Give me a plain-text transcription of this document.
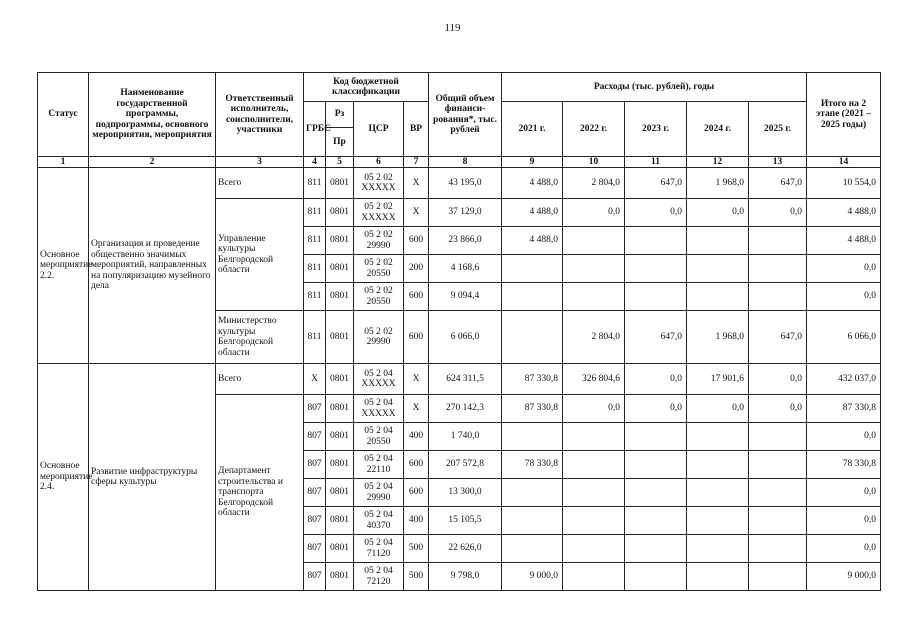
119
Статус	Наименование государственной программы, подпрограммы, основного мероприятия, мероприятия	Ответственный исполнитель, соисполнители, участники	Код бюджетной классификации				Общий объем финанси-рования*, тыс. рублей	Расходы (тыс. рублей), годы					Итого на 2 этапе (2021 – 2025 годы)
			ГРБС	Рз	ЦСР	ВР		2021 г.	2022 г.	2023 г.	2024 г.	2025 г.	
				Пр									
1	2	3	4	5	6	7	8	9	10	11	12	13	14
Основное мероприятие 2.2.	Организация и проведение общественно значимых мероприятий, направленных на популяризацию музейного дела	Всего	811	0801	05 2 02 XXXXX	X	43 195,0	4 488,0	2 804,0	647,0	1 968,0	647,0	10 554,0
		Управление культуры Белгородской области	811	0801	05 2 02 XXXXX	X	37 129,0	4 488,0	0,0	0,0	0,0	0,0	4 488,0
			811	0801	05 2 02 29990	600	23 866,0	4 488,0					4 488,0
			811	0801	05 2 02 20550	200	4 168,6						0,0
			811	0801	05 2 02 20550	600	9 094,4						0,0
		Министерство культуры Белгородской области	811	0801	05 2 02 29990	600	6 066,0		2 804,0	647,0	1 968,0	647,0	6 066,0
Основное мероприятие 2.4.	Развитие инфраструктуры сферы культуры	Всего	X	0801	05 2 04 XXXXX	X	624 311,5	87 330,8	326 804,6	0,0	17 901,6	0,0	432 037,0
		Департамент строительства и транспорта Белгородской области	807	0801	05 2 04 XXXXX	X	270 142,3	87 330,8	0,0	0,0	0,0	0,0	87 330,8
			807	0801	05 2 04 20550	400	1 740,0						0,0
			807	0801	05 2 04 22110	600	207 572,8	78 330,8					78 330,8
			807	0801	05 2 04 29990	600	13 300,0						0,0
			807	0801	05 2 04 40370	400	15 105,5						0,0
			807	0801	05 2 04 71120	500	22 626,0						0,0
			807	0801	05 2 04 72120	500	9 798,0	9 000,0					9 000,0
